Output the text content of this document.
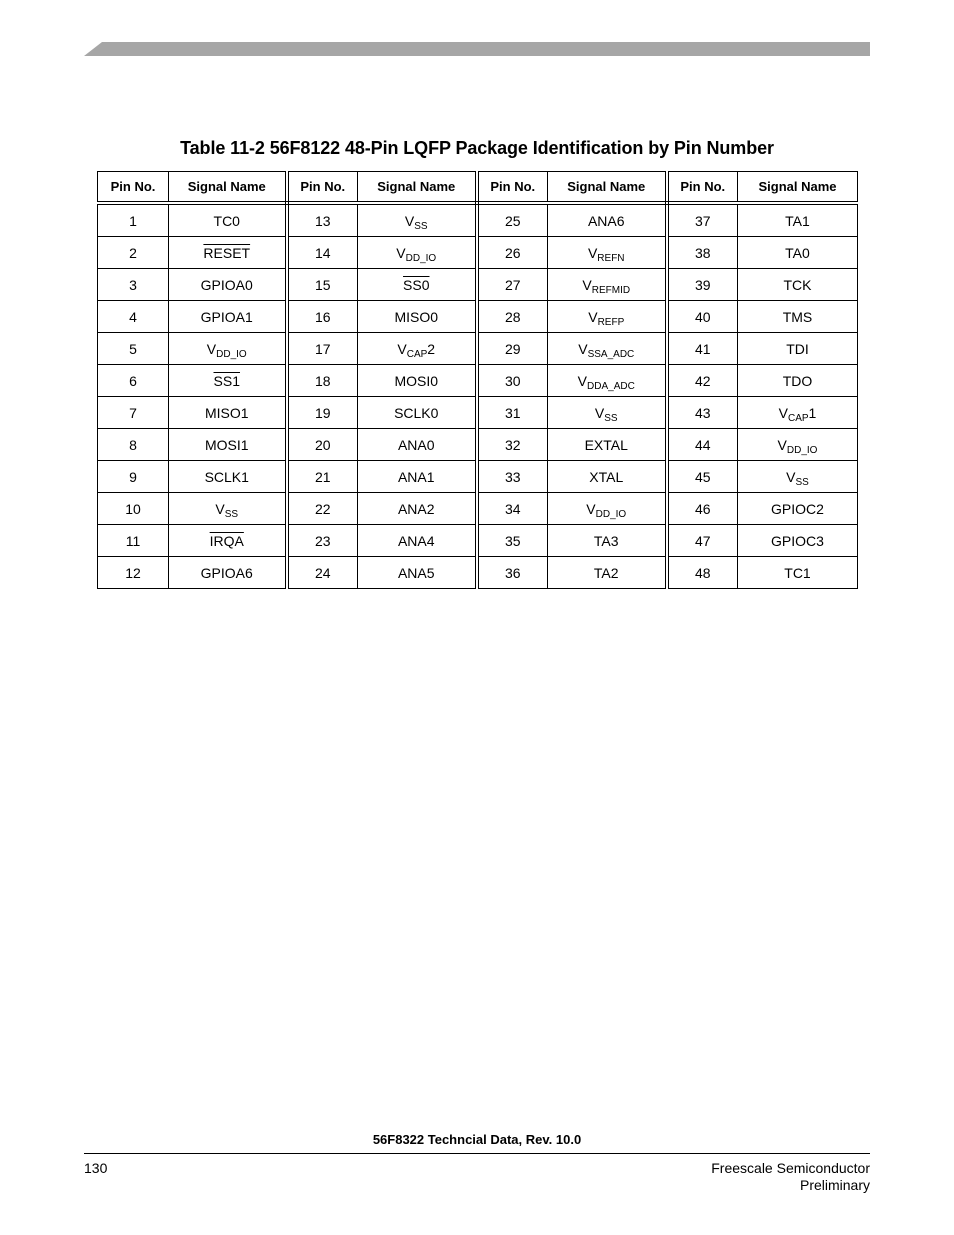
Table 11-2 56F8122 48-Pin LQFP Package Identification by Pin Number
Pin No.	Signal Name	Pin No.	Signal Name	Pin No.	Signal Name	Pin No.	Signal Name
1	TC0	13	$V_{SS}$	25	ANA6	37	TA1
2	RESET	14	$V_{DD\_IO}$	26	$V_{REFN}$	38	TA0
3	GPIOA0	15	SS0	27	$V_{REFMID}$	39	TCK
4	GPIOA1	16	MISO0	28	$V_{REFP}$	40	TMS
5	$V_{DD\_IO}$	17	$V_{CAP}2$	29	$V_{SSA\_ADC}$	41	TDI
6	SS1	18	MOSI0	30	$V_{DDA\_ADC}$	42	TDO
7	MISO1	19	SCLK0	31	$V_{SS}$	43	$V_{CAP}1$
8	MOSI1	20	ANA0	32	EXTAL	44	$V_{DD\_IO}$
9	SCLK1	21	ANA1	33	XTAL	45	$V_{SS}$
10	$V_{SS}$	22	ANA2	34	$V_{DD\_IO}$	46	GPIOC2
11	IRQA	23	ANA4	35	TA3	47	GPIOC3
12	GPIOA6	24	ANA5	36	TA2	48	TC1
56F8322 Techncial Data, Rev. 10.0
130	Freescale Semiconductor
Preliminary
